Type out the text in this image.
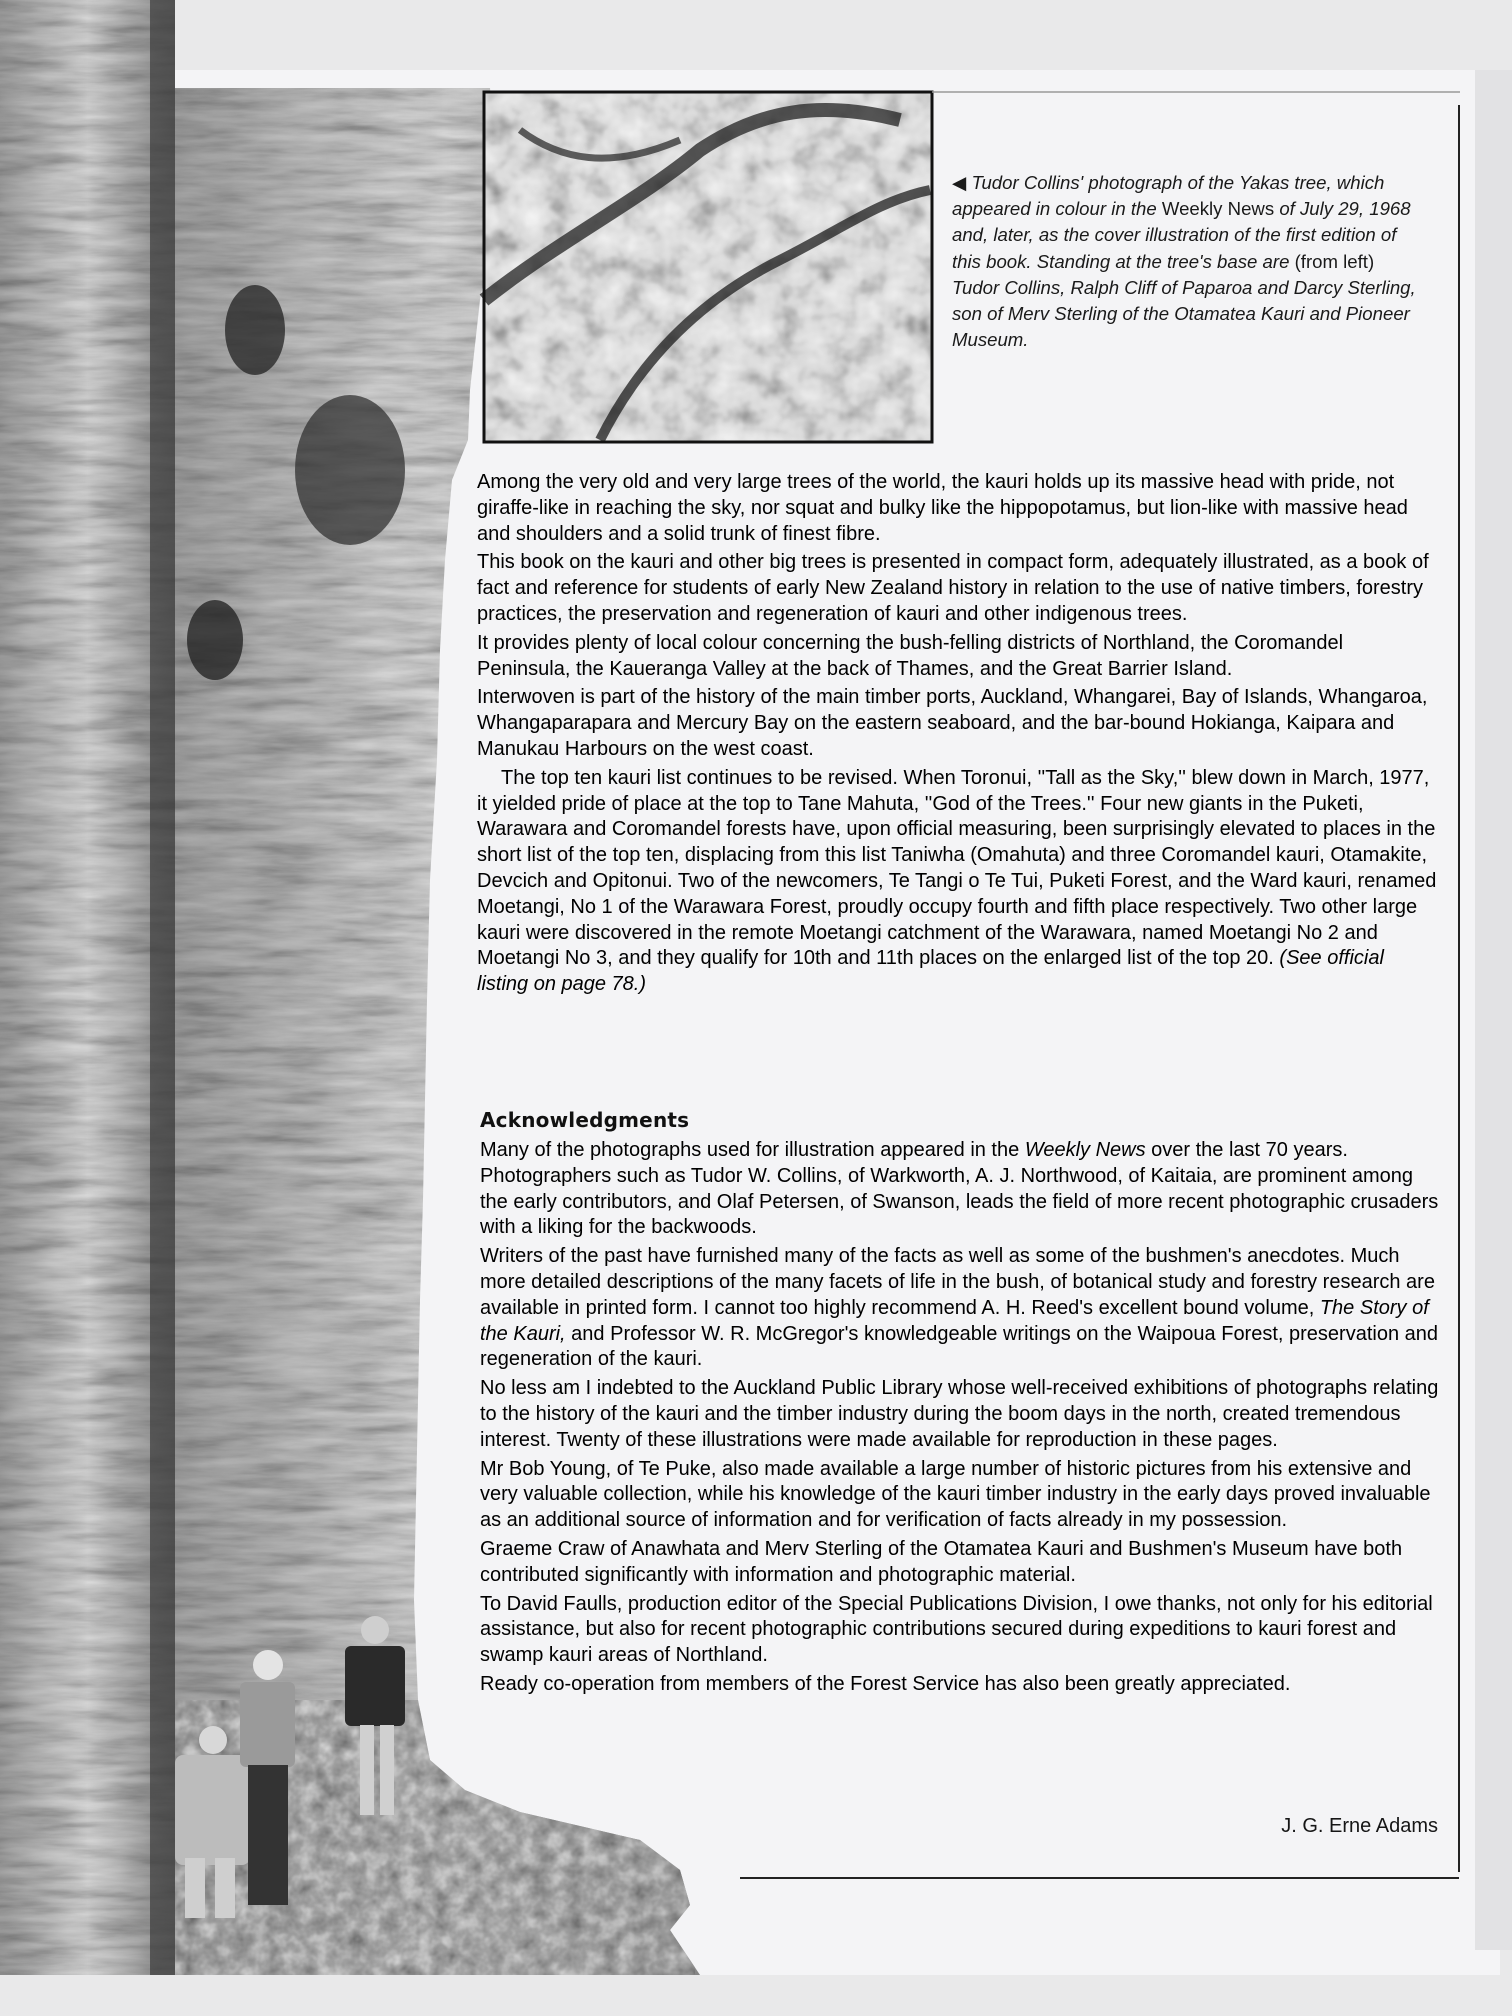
◀ Tudor Collins' photograph of the Yakas tree, which appeared in colour in the Weekly News of July 29, 1968 and, later, as the cover illustration of the first edition of this book. Standing at the tree's base are (from left) Tudor Collins, Ralph Cliff of Paparoa and Darcy Sterling, son of Merv Sterling of the Otamatea Kauri and Pioneer Museum.

Among the very old and very large trees of the world, the kauri holds up its massive head with pride, not giraffe-like in reaching the sky, nor squat and bulky like the hippopotamus, but lion-like with massive head and shoulders and a solid trunk of finest fibre.

This book on the kauri and other big trees is presented in compact form, adequately illustrated, as a book of fact and reference for students of early New Zealand history in relation to the use of native timbers, forestry practices, the preservation and regeneration of kauri and other indigenous trees.

It provides plenty of local colour concerning the bush-felling districts of Northland, the Coromandel Peninsula, the Kaueranga Valley at the back of Thames, and the Great Barrier Island.

Interwoven is part of the history of the main timber ports, Auckland, Whangarei, Bay of Islands, Whangaroa, Whangaparapara and Mercury Bay on the eastern seaboard, and the bar-bound Hokianga, Kaipara and Manukau Harbours on the west coast.

The top ten kauri list continues to be revised. When Toronui, ''Tall as the Sky,'' blew down in March, 1977, it yielded pride of place at the top to Tane Mahuta, ''God of the Trees.'' Four new giants in the Puketi, Warawara and Coromandel forests have, upon official measuring, been surprisingly elevated to places in the short list of the top ten, displacing from this list Taniwha (Omahuta) and three Coromandel kauri, Otamakite, Devcich and Opitonui. Two of the newcomers, Te Tangi o Te Tui, Puketi Forest, and the Ward kauri, renamed Moetangi, No 1 of the Warawara Forest, proudly occupy fourth and fifth place respectively. Two other large kauri were discovered in the remote Moetangi catchment of the Warawara, named Moetangi No 2 and Moetangi No 3, and they qualify for 10th and 11th places on the enlarged list of the top 20. (See official listing on page 78.)

Acknowledgments

Many of the photographs used for illustration appeared in the Weekly News over the last 70 years. Photographers such as Tudor W. Collins, of Warkworth, A. J. Northwood, of Kaitaia, are prominent among the early contributors, and Olaf Petersen, of Swanson, leads the field of more recent photographic crusaders with a liking for the backwoods.

Writers of the past have furnished many of the facts as well as some of the bushmen's anecdotes. Much more detailed descriptions of the many facets of life in the bush, of botanical study and forestry research are available in printed form. I cannot too highly recommend A. H. Reed's excellent bound volume, The Story of the Kauri, and Professor W. R. McGregor's knowledgeable writings on the Waipoua Forest, preservation and regeneration of the kauri.

No less am I indebted to the Auckland Public Library whose well-received exhibitions of photographs relating to the history of the kauri and the timber industry during the boom days in the north, created tremendous interest. Twenty of these illustrations were made available for reproduction in these pages.

Mr Bob Young, of Te Puke, also made available a large number of historic pictures from his extensive and very valuable collection, while his knowledge of the kauri timber industry in the early days proved invaluable as an additional source of information and for verification of facts already in my possession.

Graeme Craw of Anawhata and Merv Sterling of the Otamatea Kauri and Bushmen's Museum have both contributed significantly with information and photographic material.

To David Faulls, production editor of the Special Publications Division, I owe thanks, not only for his editorial assistance, but also for recent photographic contributions secured during expeditions to kauri forest and swamp kauri areas of Northland.

Ready co-operation from members of the Forest Service has also been greatly appreciated.

J. G. Erne Adams
